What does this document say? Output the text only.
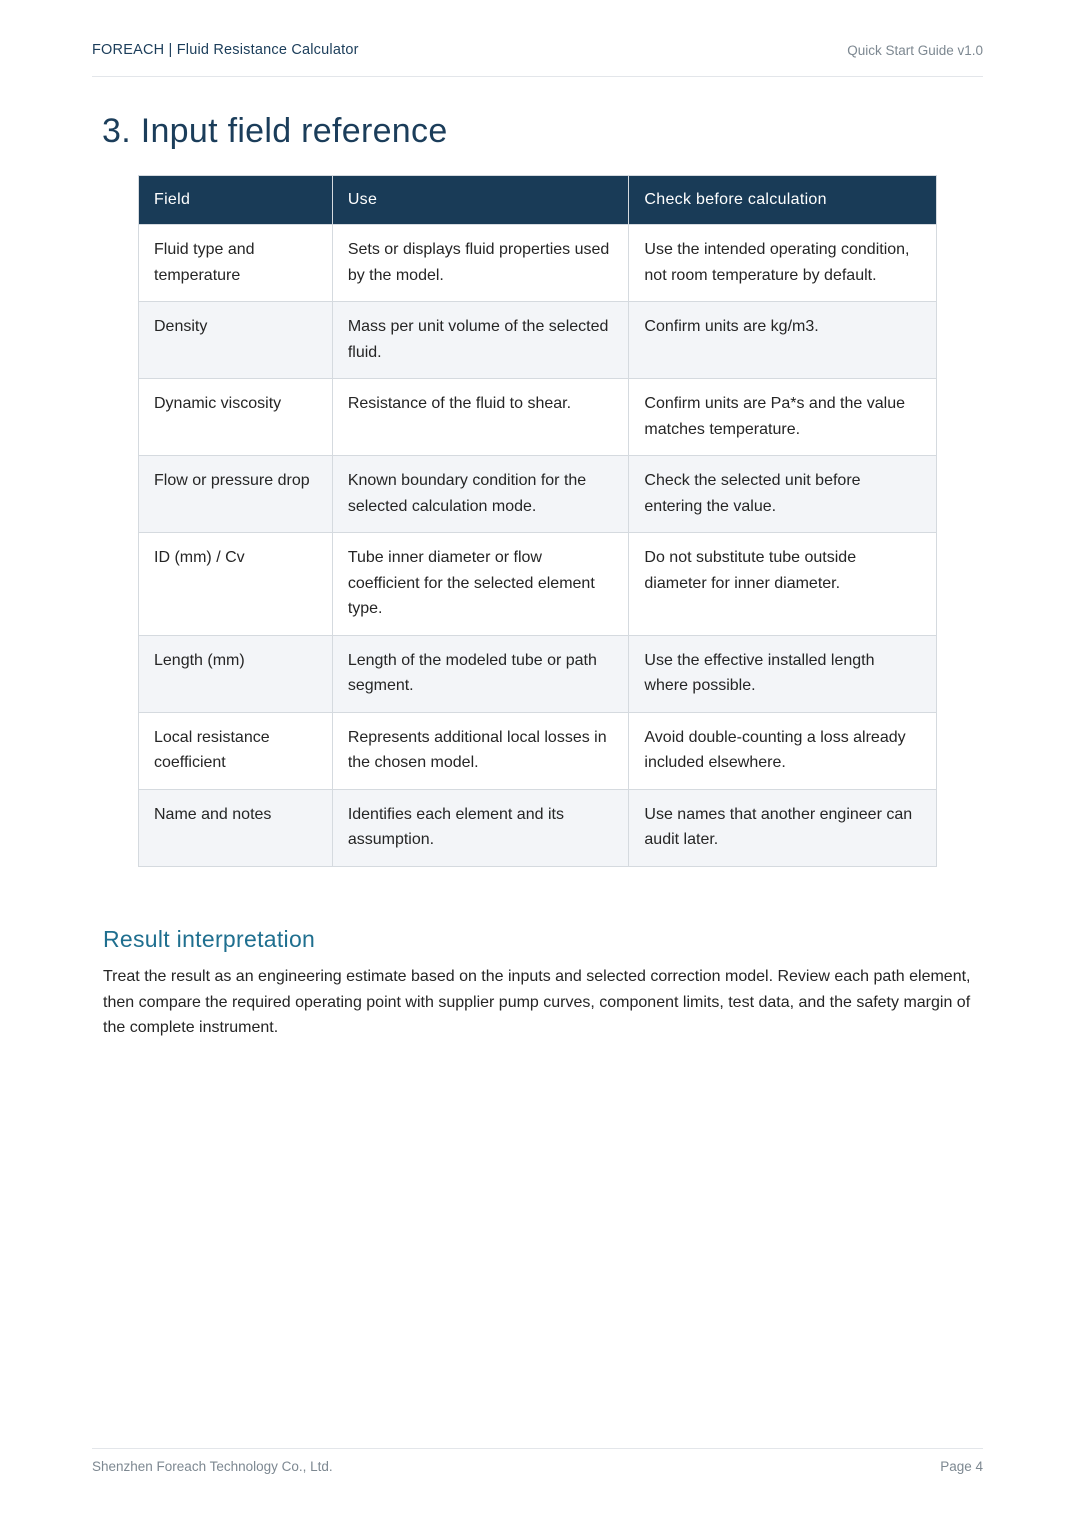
FOREACH | Fluid Resistance Calculator	Quick Start Guide v1.0
3. Input field reference
Field	Use	Check before calculation
Fluid type and temperature	Sets or displays fluid properties used by the model.	Use the intended operating condition, not room temperature by default.
Density	Mass per unit volume of the selected fluid.	Confirm units are kg/m3.
Dynamic viscosity	Resistance of the fluid to shear.	Confirm units are Pa*s and the value matches temperature.
Flow or pressure drop	Known boundary condition for the selected calculation mode.	Check the selected unit before entering the value.
ID (mm) / Cv	Tube inner diameter or flow coefficient for the selected element type.	Do not substitute tube outside diameter for inner diameter.
Length (mm)	Length of the modeled tube or path segment.	Use the effective installed length where possible.
Local resistance coefficient	Represents additional local losses in the chosen model.	Avoid double-counting a loss already included elsewhere.
Name and notes	Identifies each element and its assumption.	Use names that another engineer can audit later.
Result interpretation

Treat the result as an engineering estimate based on the inputs and selected correction model. Review each path element, then compare the required operating point with supplier pump curves, component limits, test data, and the safety margin of the complete instrument.

Shenzhen Foreach Technology Co., Ltd.	Page 4
